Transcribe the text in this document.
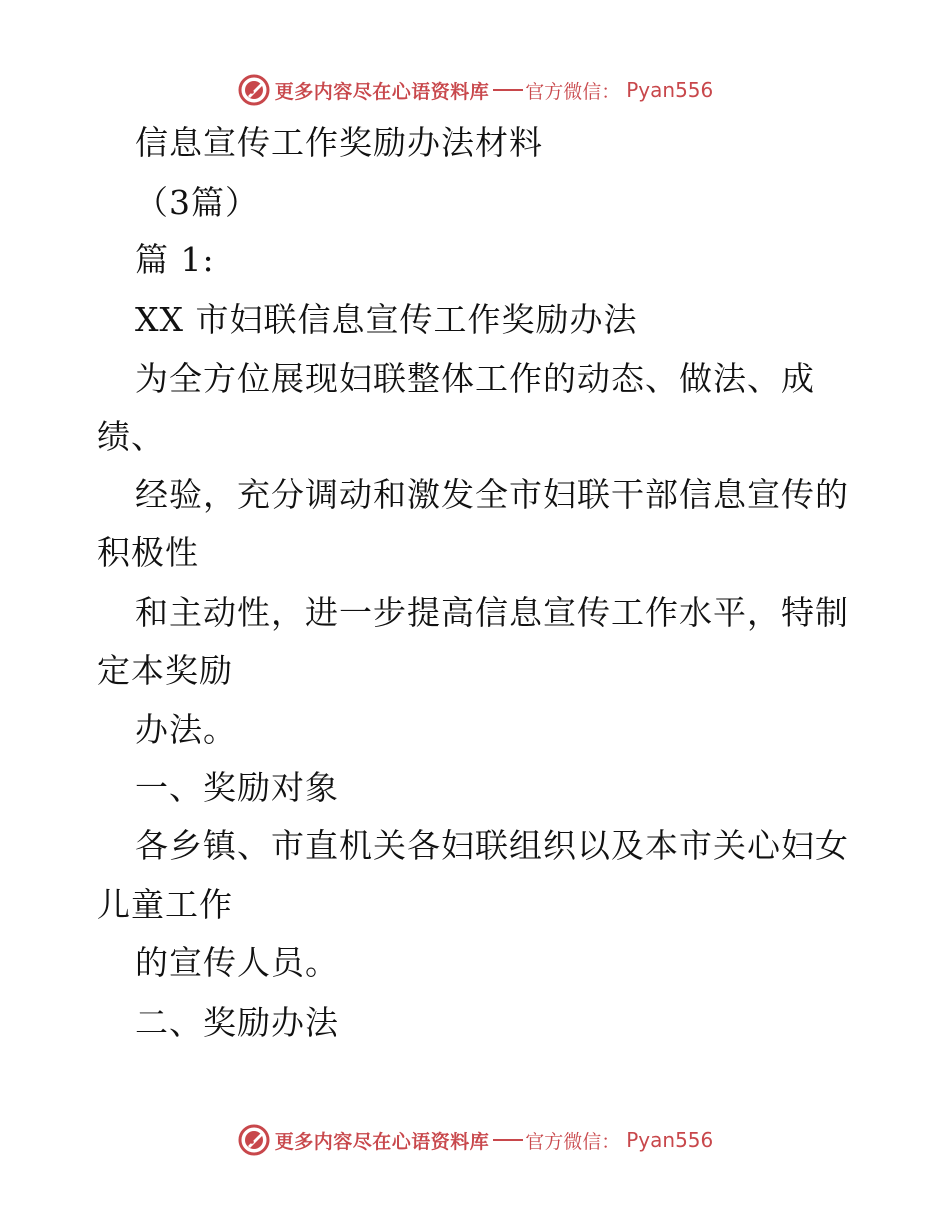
更多内容尽在心语资料库 官方微信： Pyan556
信息宣传工作奖励办法材料
（3篇）
篇 1:
XX 市妇联信息宣传工作奖励办法
为全方位展现妇联整体工作的动态、做法、成
绩、
经验，充分调动和激发全市妇联干部信息宣传的
积极性
和主动性，进一步提高信息宣传工作水平，特制
定本奖励
办法。
一、奖励对象
各乡镇、市直机关各妇联组织以及本市关心妇女
儿童工作
的宣传人员。
二、奖励办法
更多内容尽在心语资料库 官方微信： Pyan556
